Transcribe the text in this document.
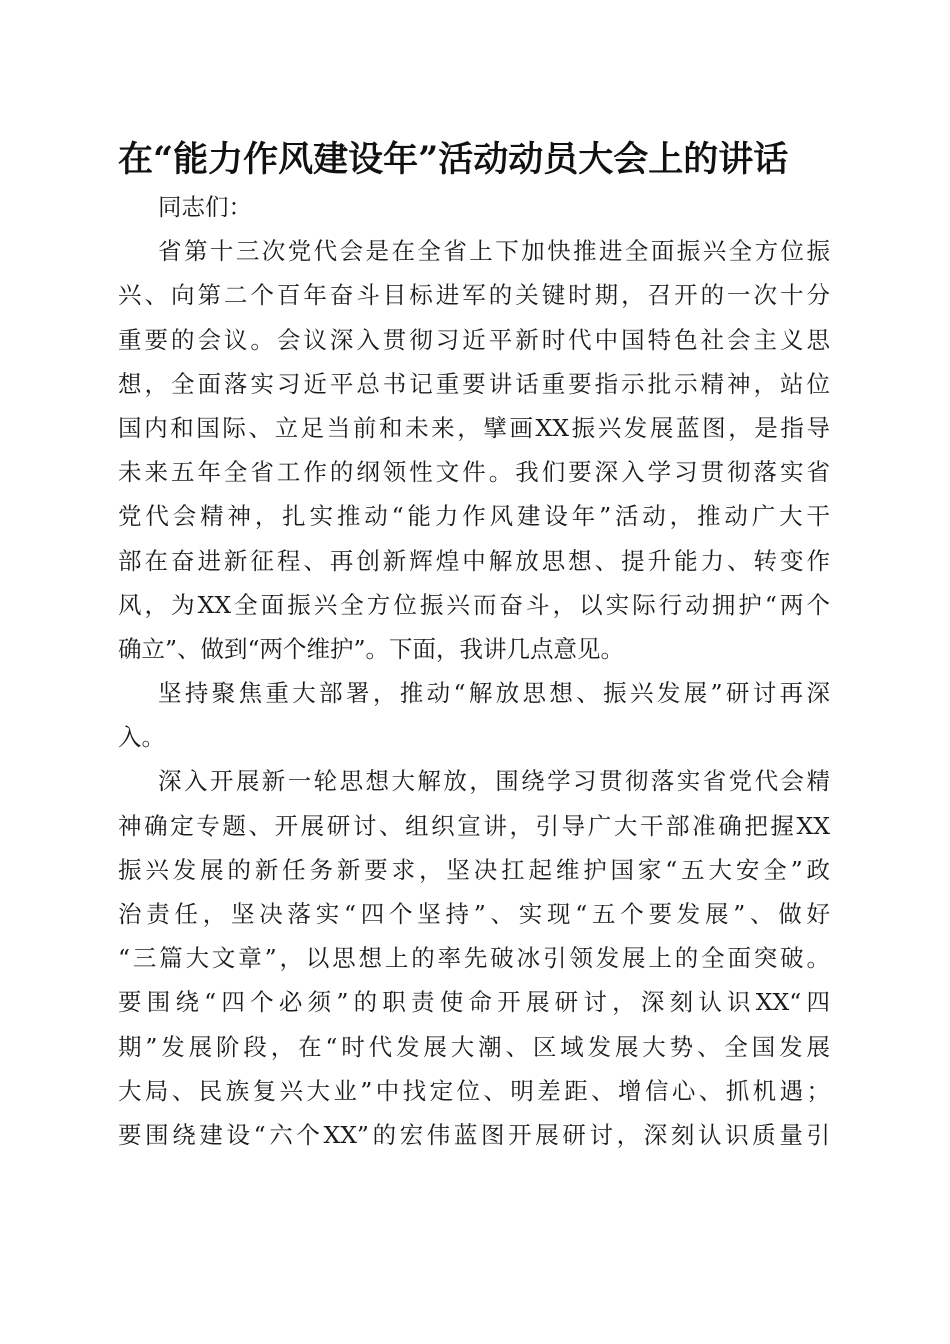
在“能力作风建设年”活动动员大会上的讲话
同志们：
省第十三次党代会是在全省上下加快推进全面振兴全方位振
兴、向第二个百年奋斗目标进军的关键时期，召开的一次十分
重要的会议。会议深入贯彻习近平新时代中国特色社会主义思
想，全面落实习近平总书记重要讲话重要指示批示精神，站位
国内和国际、立足当前和未来，擘画XX振兴发展蓝图，是指导
未来五年全省工作的纲领性文件。我们要深入学习贯彻落实省
党代会精神，扎实推动“能力作风建设年”活动，推动广大干
部在奋进新征程、再创新辉煌中解放思想、提升能力、转变作
风，为XX全面振兴全方位振兴而奋斗，以实际行动拥护“两个
确立”、做到“两个维护”。下面，我讲几点意见。
坚持聚焦重大部署，推动“解放思想、振兴发展”研讨再深
入。
深入开展新一轮思想大解放，围绕学习贯彻落实省党代会精
神确定专题、开展研讨、组织宣讲，引导广大干部准确把握XX
振兴发展的新任务新要求，坚决扛起维护国家“五大安全”政
治责任，坚决落实“四个坚持”、实现“五个要发展”、做好
“三篇大文章”，以思想上的率先破冰引领发展上的全面突破。
要围绕“四个必须”的职责使命开展研讨，深刻认识XX“四
期”发展阶段，在“时代发展大潮、区域发展大势、全国发展
大局、民族复兴大业”中找定位、明差距、增信心、抓机遇；
要围绕建设“六个XX”的宏伟蓝图开展研讨，深刻认识质量引
